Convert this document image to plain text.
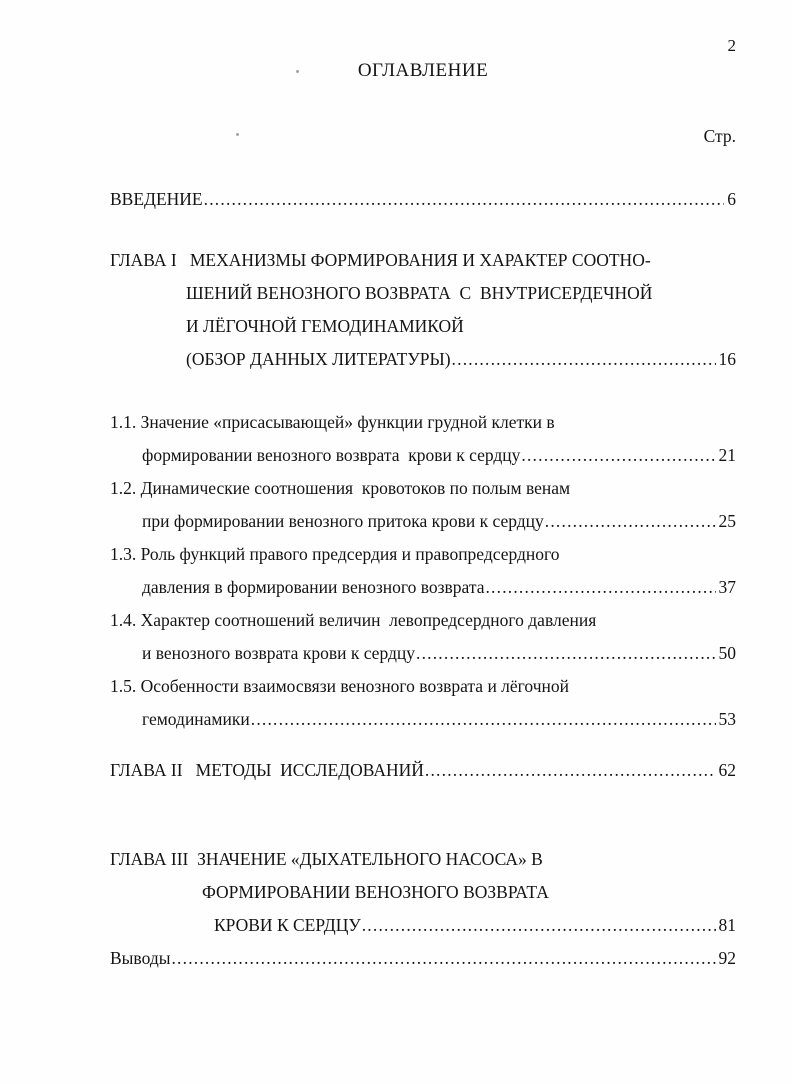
2
ОГЛАВЛЕНИЕ
Стр.
ВВЕДЕНИЕ .....	6
ГЛАВА I   МЕХАНИЗМЫ ФОРМИРОВАНИЯ И ХАРАКТЕР СООТНО-
ШЕНИЙ ВЕНОЗНОГО ВОЗВРАТА  С  ВНУТРИСЕРДЕЧНОЙ
И ЛЁГОЧНОЙ ГЕМОДИНАМИКОЙ
(ОБЗОР ДАННЫХ ЛИТЕРАТУРЫ) .....	16
1.1. Значение «присасывающей» функции грудной клетки в
формировании венозного возврата  крови к сердцу .....	21
1.2. Динамические соотношения  кровотоков по полым венам
при формировании венозного притока крови к сердцу .....	25
1.3. Роль функций правого предсердия и правопредсердного
давления в формировании венозного возврата .....	37
1.4. Характер соотношений величин  левопредсердного давления
и венозного возврата крови к сердцу .....	50
1.5. Особенности взаимосвязи венозного возврата и лёгочной
гемодинамики .....	53
ГЛАВА II   МЕТОДЫ  ИССЛЕДОВАНИЙ .....	62
ГЛАВА III  ЗНАЧЕНИЕ «ДЫХАТЕЛЬНОГО НАСОСА» В
ФОРМИРОВАНИИ ВЕНОЗНОГО ВОЗВРАТА
КРОВИ К СЕРДЦУ .....	81
Выводы .....	92
